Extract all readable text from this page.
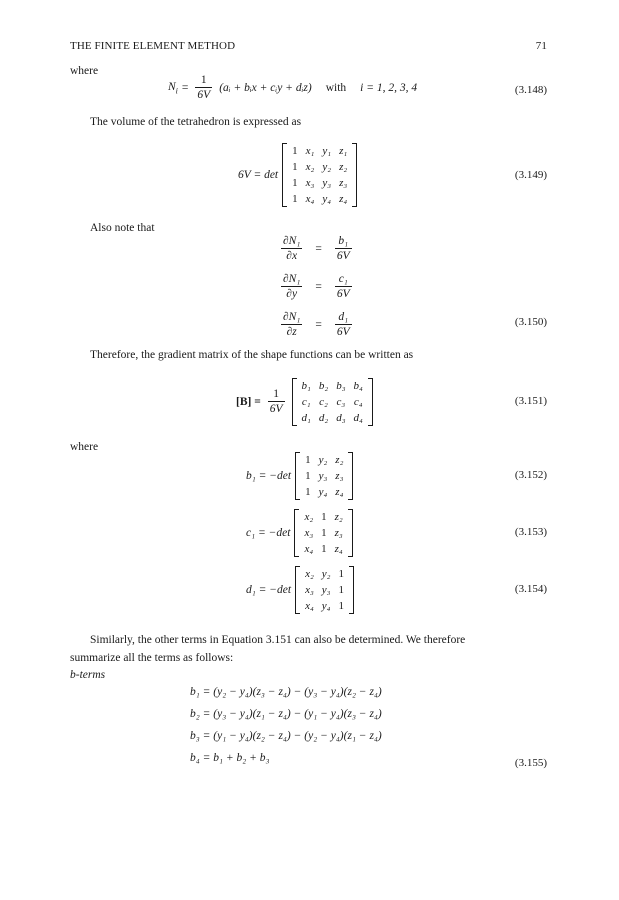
THE FINITE ELEMENT METHOD	71
where
$N_i = \frac{1}{6V}$ (aᵢ + bᵢx + cᵢy + dᵢz) with i = 1, 2, 3, 4	(3.148)
The volume of the tetrahedron is expressed as
6V = det
1	x₁	y₁	z₁
1	x₂	y₂	z₂
1	x₃	y₃	z₃
1	x₄	y₄	z₄
(3.149)
Also note that
$\frac{\text{∂N₁}}{\partial x} = \frac{\text{b₁}}{6V}$
$\frac{\text{∂N₁}}{\partial y} = \frac{\text{c₁}}{6V}$
$\frac{\text{∂N₁}}{\partial z} = \frac{\text{d₁}}{6V}$	(3.150)
Therefore, the gradient matrix of the shape functions can be written as
$[B] = \frac{1}{6V}$
b₁	b₂	b₃	b₄
c₁	c₂	c₃	c₄
d₁	d₂	d₃	d₄
(3.151)
where
b₁ = −det
1	y₂	z₂
1	y₃	z₃
1	y₄	z₄
(3.152)
c₁ = −det
x₂	1	z₂
x₃	1	z₃
x₄	1	z₄
(3.153)
d₁ = −det
x₂	y₂	1
x₃	y₃	1
x₄	y₄	1
(3.154)
Similarly, the other terms in Equation 3.151 can also be determined. We therefore
summarize all the terms as follows:
b-terms
b₁ = (y₂ − y₄)(z₃ − z₄) − (y₃ − y₄)(z₂ − z₄)
b₂ = (y₃ − y₄)(z₁ − z₄) − (y₁ − y₄)(z₃ − z₄)
b₃ = (y₁ − y₄)(z₂ − z₄) − (y₂ − y₄)(z₁ − z₄)
b₄ = b₁ + b₂ + b₃	(3.155)
